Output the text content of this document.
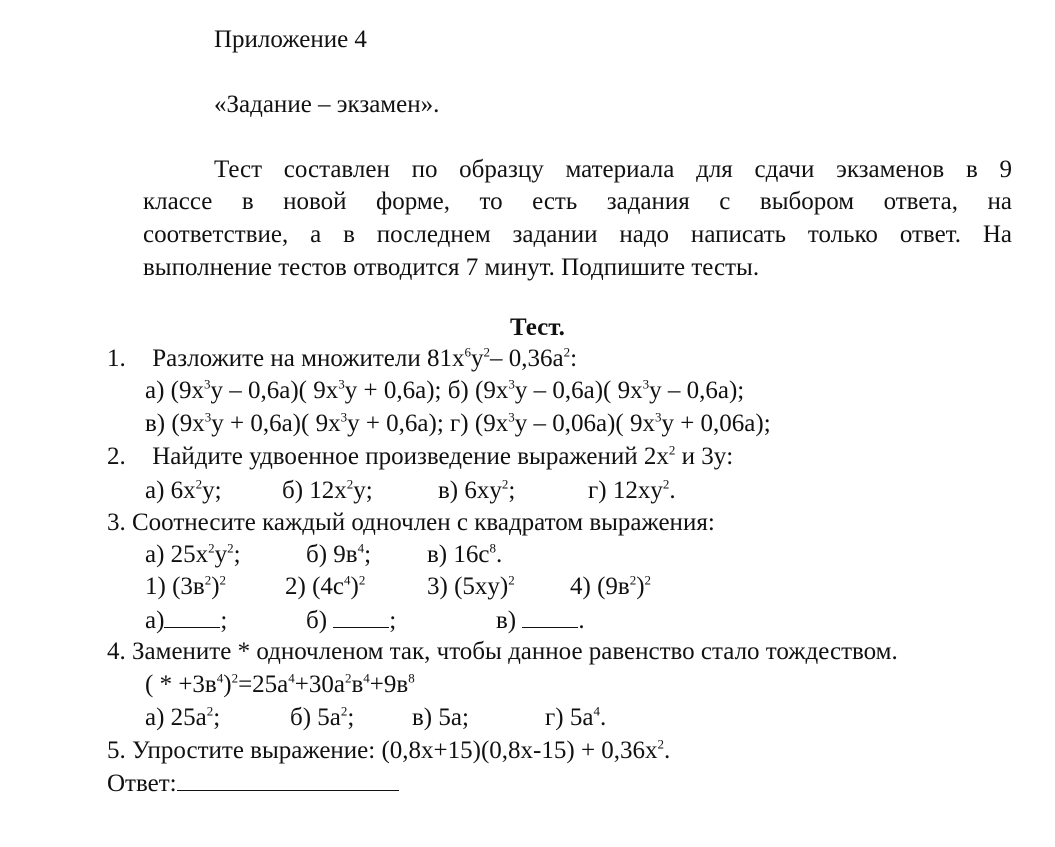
Приложение 4
«Задание – экзамен».
Тест составлен по образцу материала для сдачи экзаменов в 9
классе в новой форме, то есть задания с выбором ответа, на
соответствие, а в последнем задании надо написать только ответ. На
выполнение тестов отводится 7 минут. Подпишите тесты.
Тест.
1. Разложите на множители $81x^6y^2-$ $0,36a^2$:
а) $(9x^3y - 0,6a)$( $9x^3y + 0,6a$); б) $(9x^3y - 0,6a)$( $9x^3y - 0,6a$);
в) $(9x^3y + 0,6a)$( $9x^3y + 0,6a$); г) $(9x^3y - 0,06a)$( $9x^3y + 0,06a$);
2. Найдите удвоенное произведение выражений $2x^2$ и 3y:
а) $6x^2y$; б) $12x^2y$;	в) $6xy^2$;	г) $12xy^2$.
3. Соотнесите каждый одночлен с квадратом выражения:
а) $25x^2y^2$;	б) $9в^4$; в) $16c^8$.
1) $(3в^2)^2$ 2) $(4c^4)^2$ 3) $(5xy)^2$ 4) $(9в^2)^2$
а) ;	б) ;	в) .
4. Замените * одночленом так, чтобы данное равенство стало тождеством.
( * $+3в^4)^2=25a^4+30a^2в^4+9в^8$
а) $25a^2$;	б) $5a^2$; в) 5a;	г) $5a^4$.
5. Упростите выражение: $(0,8x+15)(0,8x-15) + 0,36x^2$.
Ответ:
